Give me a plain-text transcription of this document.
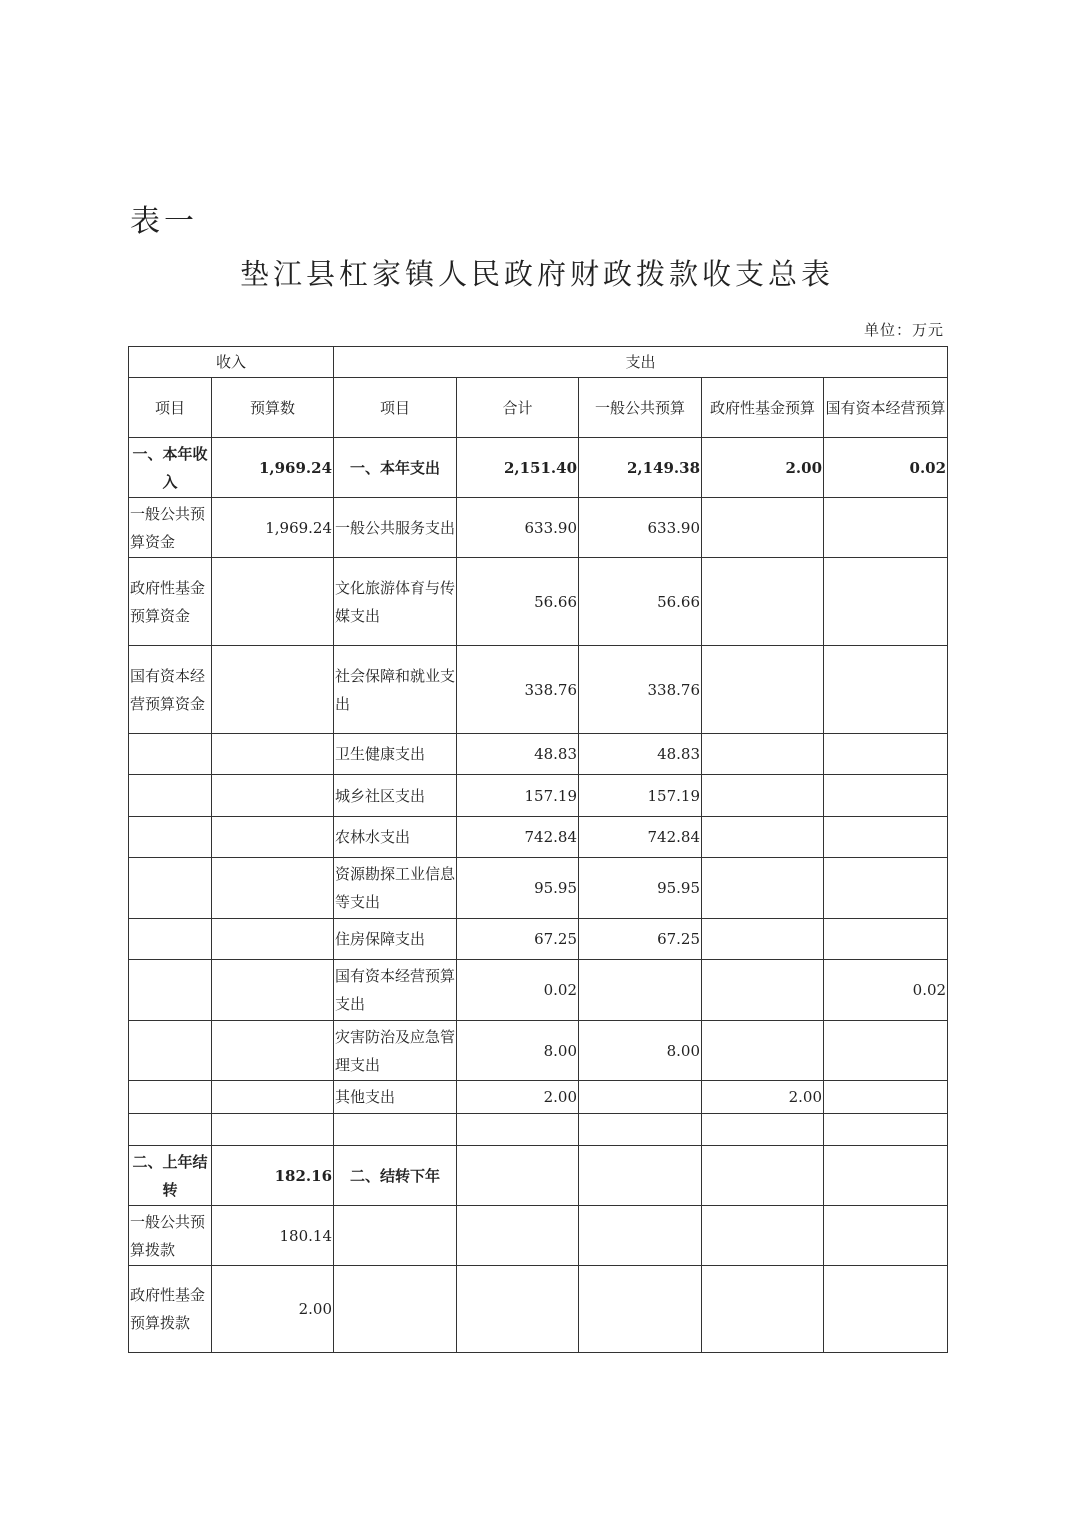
表一
垫江县杠家镇人民政府财政拨款收支总表
单位：万元
收入		支出				
项目	预算数	项目	合计	一般公共预算	政府性基金预算	国有资本经营预算
一、本年收入	1,969.24	一、本年支出	2,151.40	2,149.38	2.00	0.02
一般公共预算资金	1,969.24	一般公共服务支出	633.90	633.90		
政府性基金预算资金		文化旅游体育与传媒支出	56.66	56.66		
国有资本经营预算资金		社会保障和就业支出	338.76	338.76		
		卫生健康支出	48.83	48.83		
		城乡社区支出	157.19	157.19		
		农林水支出	742.84	742.84		
		资源勘探工业信息等支出	95.95	95.95		
		住房保障支出	67.25	67.25		
		国有资本经营预算支出	0.02			0.02
		灾害防治及应急管理支出	8.00	8.00		
		其他支出	2.00		2.00	

二、上年结转	182.16	二、结转下年				
一般公共预算拨款	180.14					
政府性基金预算拨款	2.00					
